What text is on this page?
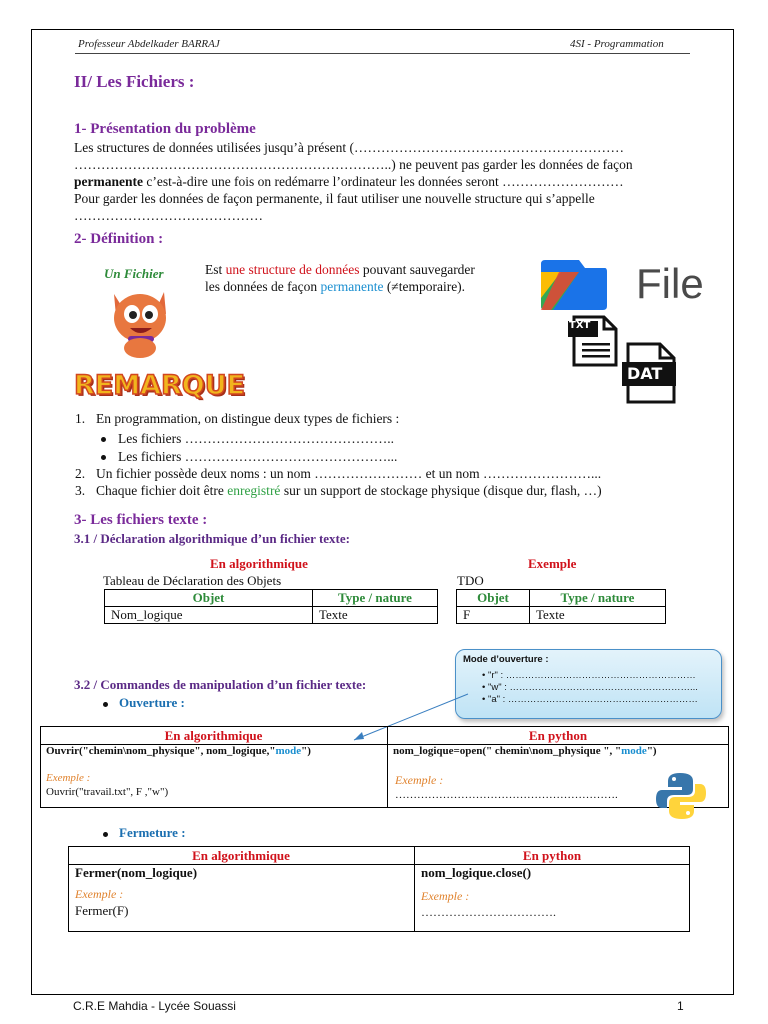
Professeur Abdelkader BARRAJ	4SI - Programmation
II/ Les Fichiers :
1- Présentation du problème
Les structures de données utilisées jusqu’à présent (……………………………………………………
……………………………………………………………..) ne peuvent pas garder les données de façon
permanente c’est-à-dire une fois on redémarre l’ordinateur les données seront ………………………
Pour garder les données de façon permanente, il faut utiliser une nouvelle structure qui s’appelle
……………………………………
2- Définition :
Un Fichier	Est une structure de données pouvant sauvegarder
les données de façon permanente (≠temporaire).	File
TXT
DAT
REMARQUE
1. En programmation, on distingue deux types de fichiers :
Les fichiers ………………………………………..
Les fichiers ………………………………………...
2. Un fichier possède deux noms : un nom …………………… et un nom ……………………...
3. Chaque fichier doit être enregistré sur un support de stockage physique (disque dur, flash, …)
3- Les fichiers texte :
3.1 / Déclaration algorithmique d’un fichier texte:
En algorithmique	Exemple
Tableau de Déclaration des Objets	TDO
Objet	Type / nature
Nom_logique	Texte
Objet	Type / nature
F	Texte
3.2 / Commandes de manipulation d’un fichier texte:
Ouverture :
Mode d’ouverture :
• "r" : ……………………………………………………
• "w" : …………………………………………………...
• "a" : ……………………………………………………
En algorithmique	En python
Ouvrir("chemin\nom_physique", nom_logique,"mode")	nom_logique=open(" chemin\nom_physique ", "mode")
Exemple :
Ouvrir("travail.txt", F ,"w")
Exemple :
…………………………………………………….
Fermeture :
En algorithmique	En python
Fermer(nom_logique)	nom_logique.close()
Exemple :
Fermer(F)
Exemple :
…………………………….
C.R.E Mahdia - Lycée Souassi	1
